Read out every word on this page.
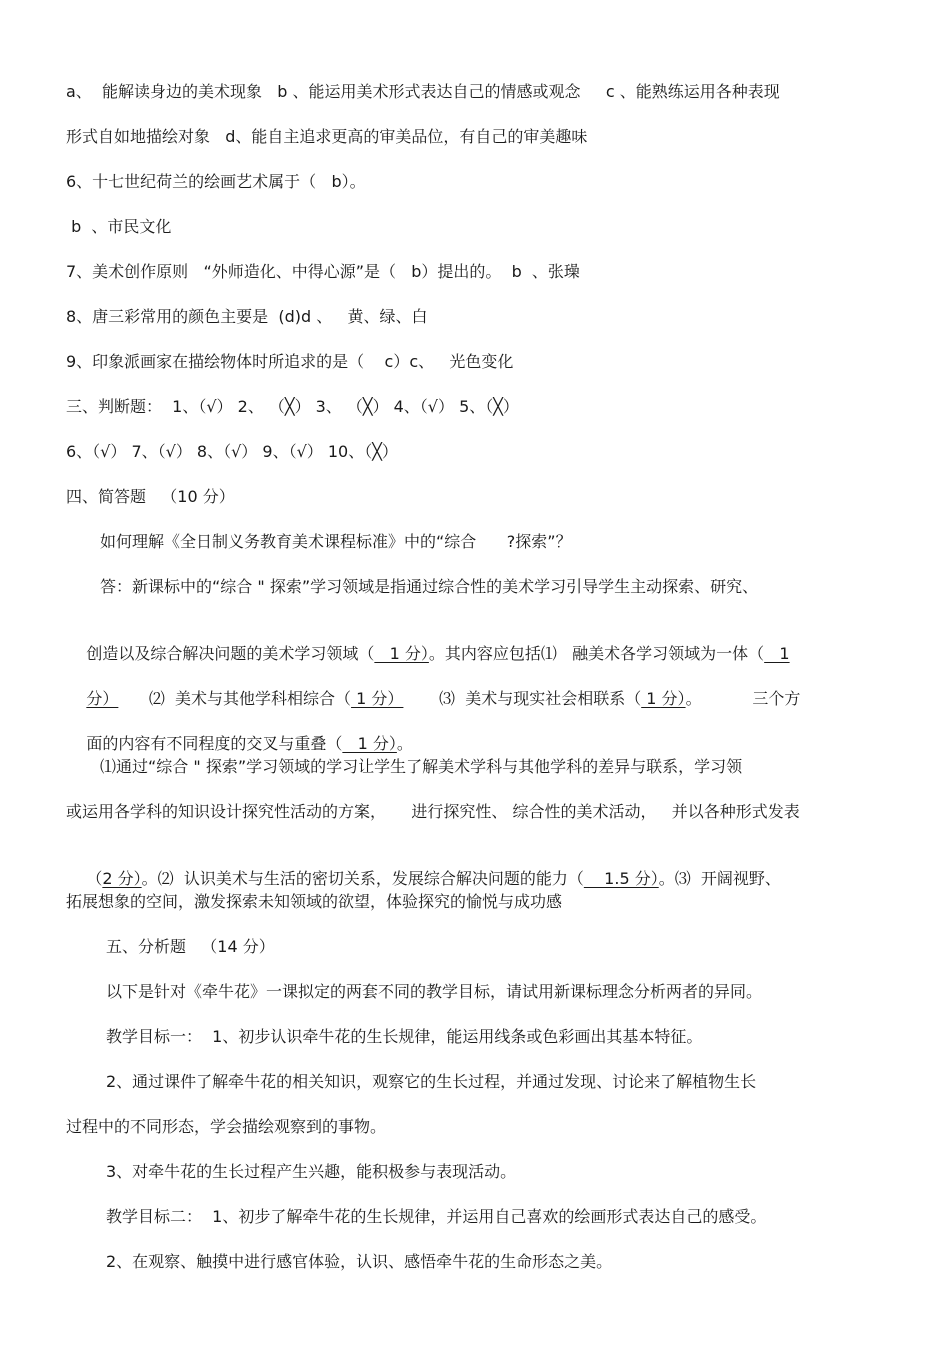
a、  能解读身边的美术现象   b 、能运用美术形式表达自己的情感或观念     c 、能熟练运用各种表现
形式自如地描绘对象   d、能自主追求更高的审美品位，有自己的审美趣味
6、十七世纪荷兰的绘画艺术属于（   b）。
b  、市民文化
7、美术创作原则   “外师造化、中得心源”是（   b）提出的。  b  、张璪
8、唐三彩常用的颜色主要是  (d)d 、   黄、绿、白
9、印象派画家在描绘物体时所追求的是（    c）c、   光色变化
三、判断题：  1、（√） 2、 （╳） 3、 （╳） 4、（√） 5、（╳）
6、（√） 7、（√） 8、（√） 9、（√） 10、（╳）
四、简答题   （10 分）
如何理解《全日制义务教育美术课程标准》中的“综合      ?探索”？
答：新课标中的“综合 " 探索”学习领域是指通过综合性的美术学习引导学生主动探索、研究、

创造以及综合解决问题的美术学习领域（   1 分）。其内容应包括⑴   融美术各学习领域为一体（   1

分）      ⑵  美术与其他学科相综合（ 1 分）       ⑶  美术与现实社会相联系（ 1 分）。          三个方

面的内容有不同程度的交叉与重叠（   1 分）。

⑴通过“综合 " 探索”学习领域的学习让学生了解美术学科与其他学科的差异与联系，学习领
或运用各学科的知识设计探究性活动的方案，     进行探究性、 综合性的美术活动，   并以各种形式发表

（2 分）。⑵  认识美术与生活的密切关系，发展综合解决问题的能力（    1.5 分）。⑶  开阔视野、

拓展想象的空间，激发探索未知领域的欲望，体验探究的愉悦与成功感
五、分析题   （14 分）
以下是针对《牵牛花》一课拟定的两套不同的教学目标，请试用新课标理念分析两者的异同。
教学目标一：  1、初步认识牵牛花的生长规律，能运用线条或色彩画出其基本特征。
2、通过课件了解牵牛花的相关知识，观察它的生长过程，并通过发现、讨论来了解植物生长
过程中的不同形态，学会描绘观察到的事物。
3、对牵牛花的生长过程产生兴趣，能积极参与表现活动。
教学目标二：  1、初步了解牵牛花的生长规律，并运用自己喜欢的绘画形式表达自己的感受。
2、在观察、触摸中进行感官体验，认识、感悟牵牛花的生命形态之美。
